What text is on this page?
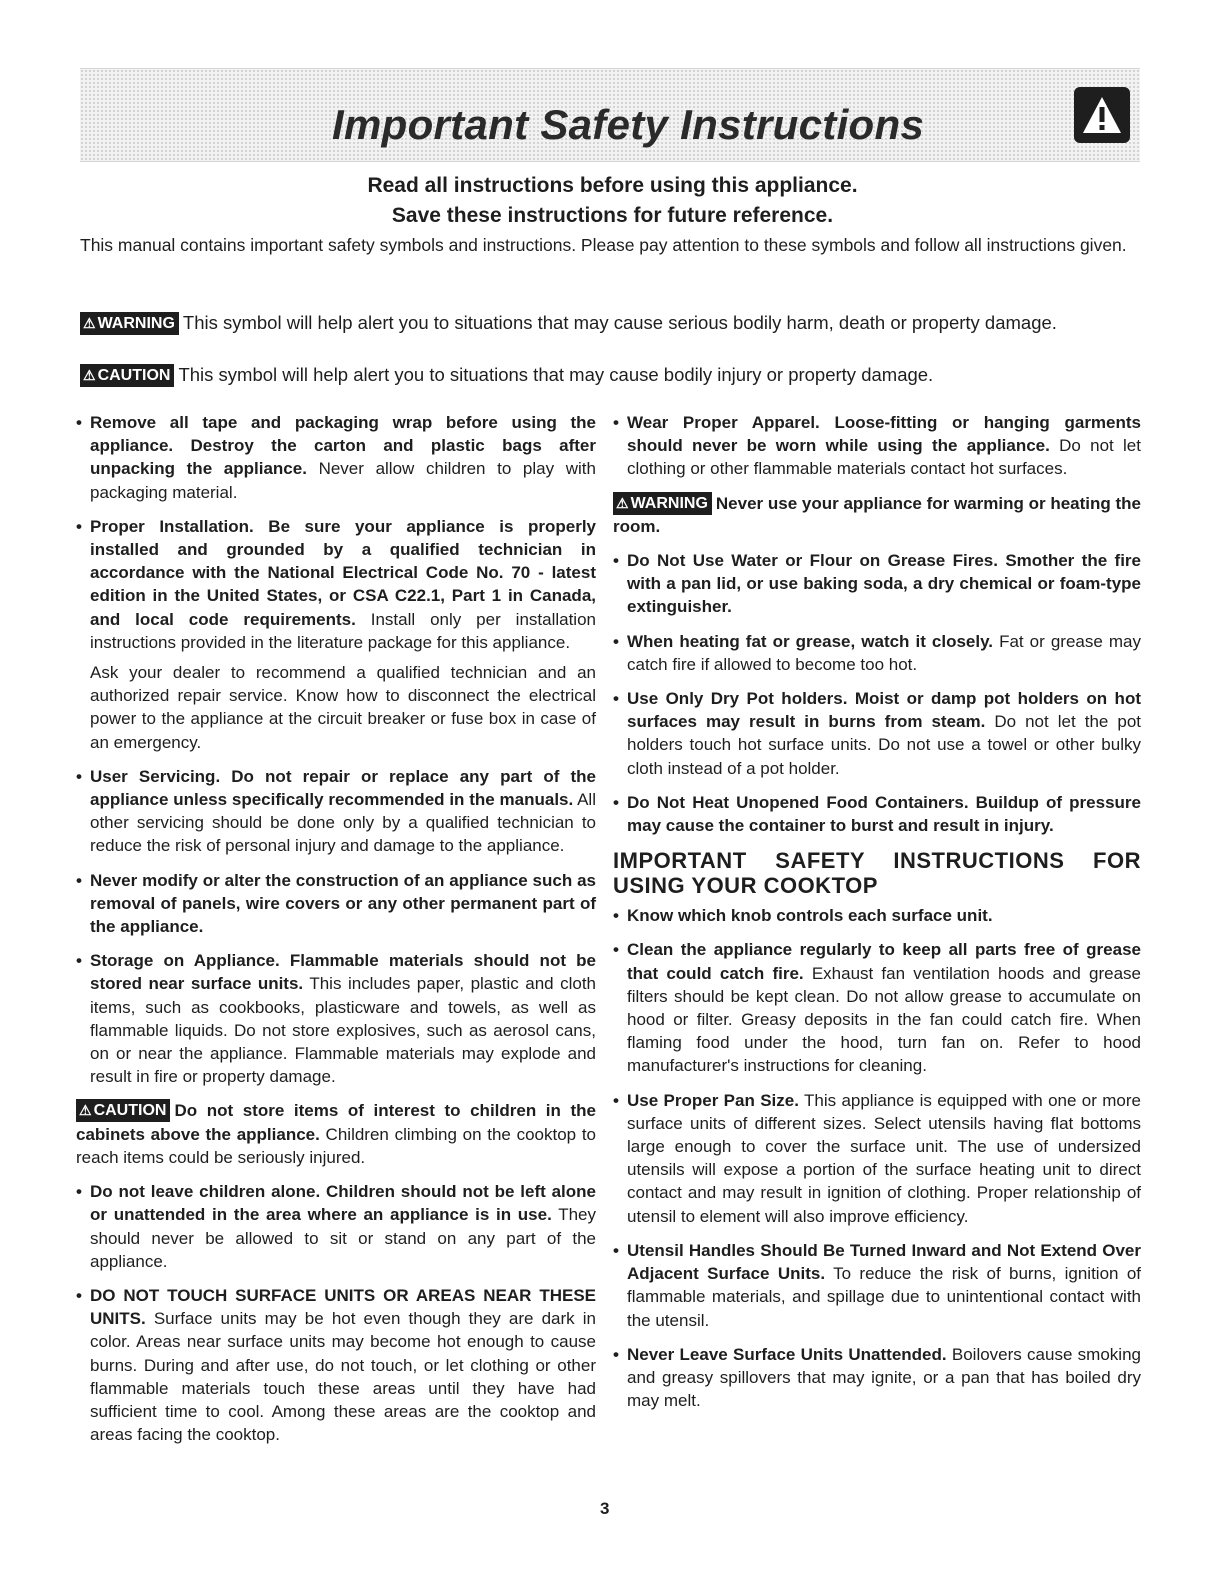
Important Safety Instructions

Read all instructions before using this appliance.

Save these instructions for future reference.

This manual contains important safety symbols and instructions. Please pay attention to these symbols and follow all instructions given.

⚠ WARNING This symbol will help alert you to situations that may cause serious bodily harm, death or property damage.
⚠ CAUTION This symbol will help alert you to situations that may cause bodily injury or property damage.

• Remove all tape and packaging wrap before using the appliance. Destroy the carton and plastic bags after unpacking the appliance. Never allow children to play with packaging material.

• Proper Installation. Be sure your appliance is properly installed and grounded by a qualified technician in accordance with the National Electrical Code No. 70 - latest edition in the United States, or CSA C22.1, Part 1 in Canada, and local code requirements. Install only per installation instructions provided in the literature package for this appliance.

Ask your dealer to recommend a qualified technician and an authorized repair service. Know how to disconnect the electrical power to the appliance at the circuit breaker or fuse box in case of an emergency.

• User Servicing. Do not repair or replace any part of the appliance unless specifically recommended in the manuals. All other servicing should be done only by a qualified technician to reduce the risk of personal injury and damage to the appliance.

• Never modify or alter the construction of an appliance such as removal of panels, wire covers or any other permanent part of the appliance.

• Storage on Appliance. Flammable materials should not be stored near surface units. This includes paper, plastic and cloth items, such as cookbooks, plasticware and towels, as well as flammable liquids. Do not store explosives, such as aerosol cans, on or near the appliance. Flammable materials may explode and result in fire or property damage.

⚠ CAUTION Do not store items of interest to children in the cabinets above the appliance. Children climbing on the cooktop to reach items could be seriously injured.

• Do not leave children alone. Children should not be left alone or unattended in the area where an appliance is in use. They should never be allowed to sit or stand on any part of the appliance.

• DO NOT TOUCH SURFACE UNITS OR AREAS NEAR THESE UNITS. Surface units may be hot even though they are dark in color. Areas near surface units may become hot enough to cause burns. During and after use, do not touch, or let clothing or other flammable materials touch these areas until they have had sufficient time to cool. Among these areas are the cooktop and areas facing the cooktop.

• Wear Proper Apparel. Loose-fitting or hanging garments should never be worn while using the appliance. Do not let clothing or other flammable materials contact hot surfaces.

⚠ WARNING Never use your appliance for warming or heating the room.

• Do Not Use Water or Flour on Grease Fires. Smother the fire with a pan lid, or use baking soda, a dry chemical or foam-type extinguisher.

• When heating fat or grease, watch it closely. Fat or grease may catch fire if allowed to become too hot.

• Use Only Dry Pot holders. Moist or damp pot holders on hot surfaces may result in burns from steam. Do not let the pot holders touch hot surface units. Do not use a towel or other bulky cloth instead of a pot holder.

• Do Not Heat Unopened Food Containers. Buildup of pressure may cause the container to burst and result in injury.

IMPORTANT SAFETY INSTRUCTIONS FOR USING YOUR COOKTOP

• Know which knob controls each surface unit.

• Clean the appliance regularly to keep all parts free of grease that could catch fire. Exhaust fan ventilation hoods and grease filters should be kept clean. Do not allow grease to accumulate on hood or filter. Greasy deposits in the fan could catch fire. When flaming food under the hood, turn fan on. Refer to hood manufacturer's instructions for cleaning.

• Use Proper Pan Size. This appliance is equipped with one or more surface units of different sizes. Select utensils having flat bottoms large enough to cover the surface unit. The use of undersized utensils will expose a portion of the surface heating unit to direct contact and may result in ignition of clothing. Proper relationship of utensil to element will also improve efficiency.

• Utensil Handles Should Be Turned Inward and Not Extend Over Adjacent Surface Units. To reduce the risk of burns, ignition of flammable materials, and spillage due to unintentional contact with the utensil.

• Never Leave Surface Units Unattended. Boilovers cause smoking and greasy spillovers that may ignite, or a pan that has boiled dry may melt.

3
